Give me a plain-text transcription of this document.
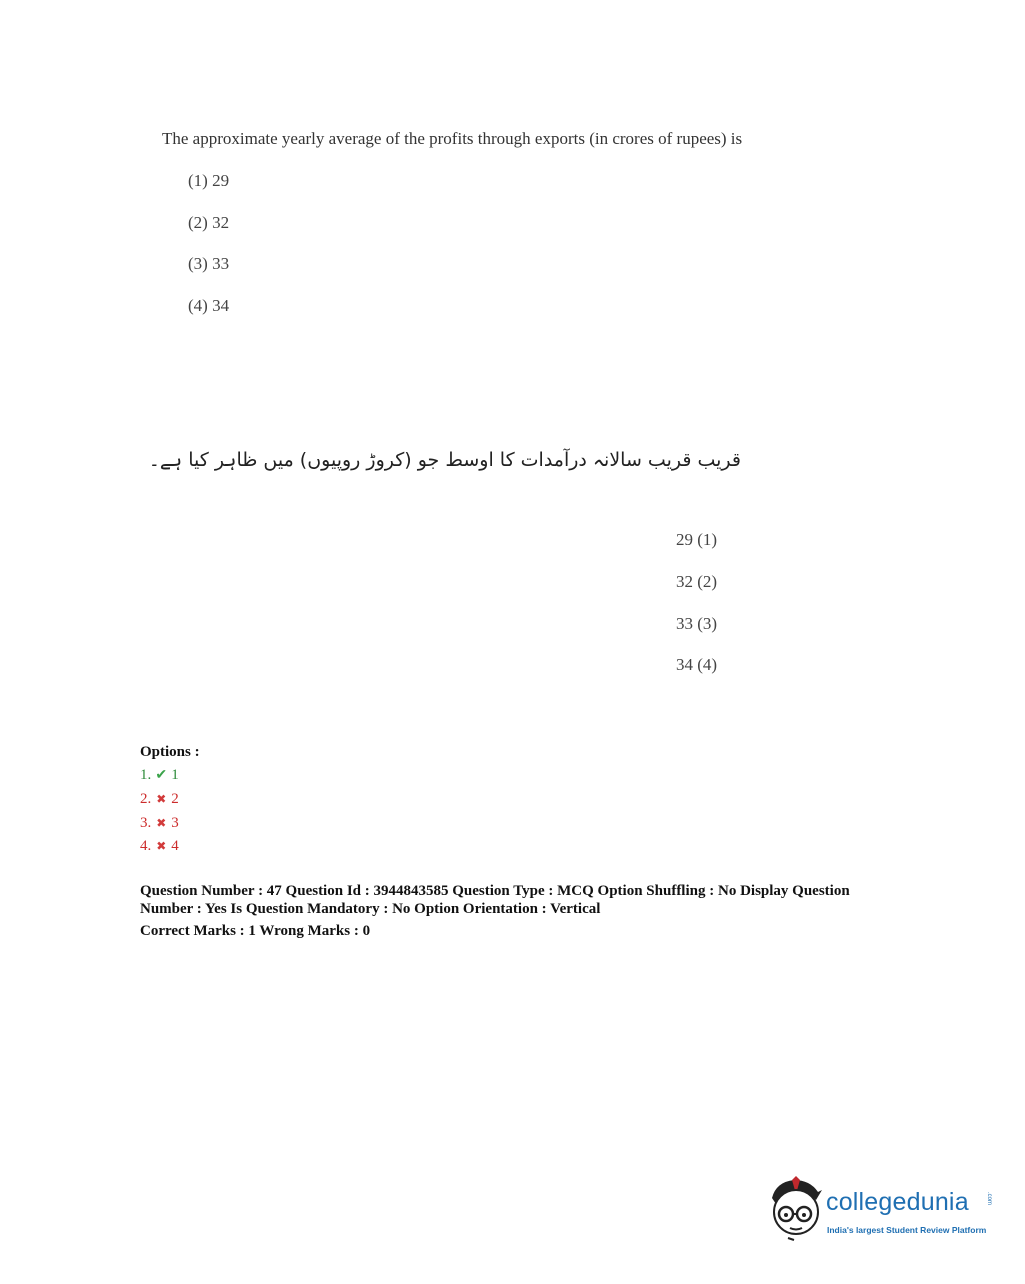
The approximate yearly average of the profits through exports (in crores of rupees) is
(1) 29
(2) 32
(3) 33
(4) 34
قریب قریب سالانہ درآمدات کا اوسط جو (کروڑ روپیوں) میں ظاہر کیا ہے۔
29 (1)
32 (2)
33 (3)
34 (4)
Options :
1. ✔ 1
2. ✖ 2
3. ✖ 3
4. ✖ 4
Question Number : 47 Question Id : 3944843585 Question Type : MCQ Option Shuffling : No Display Question Number : Yes Is Question Mandatory : No Option Orientation : Vertical
Correct Marks : 1 Wrong Marks : 0
collegedunia	.com
India's largest Student Review Platform
